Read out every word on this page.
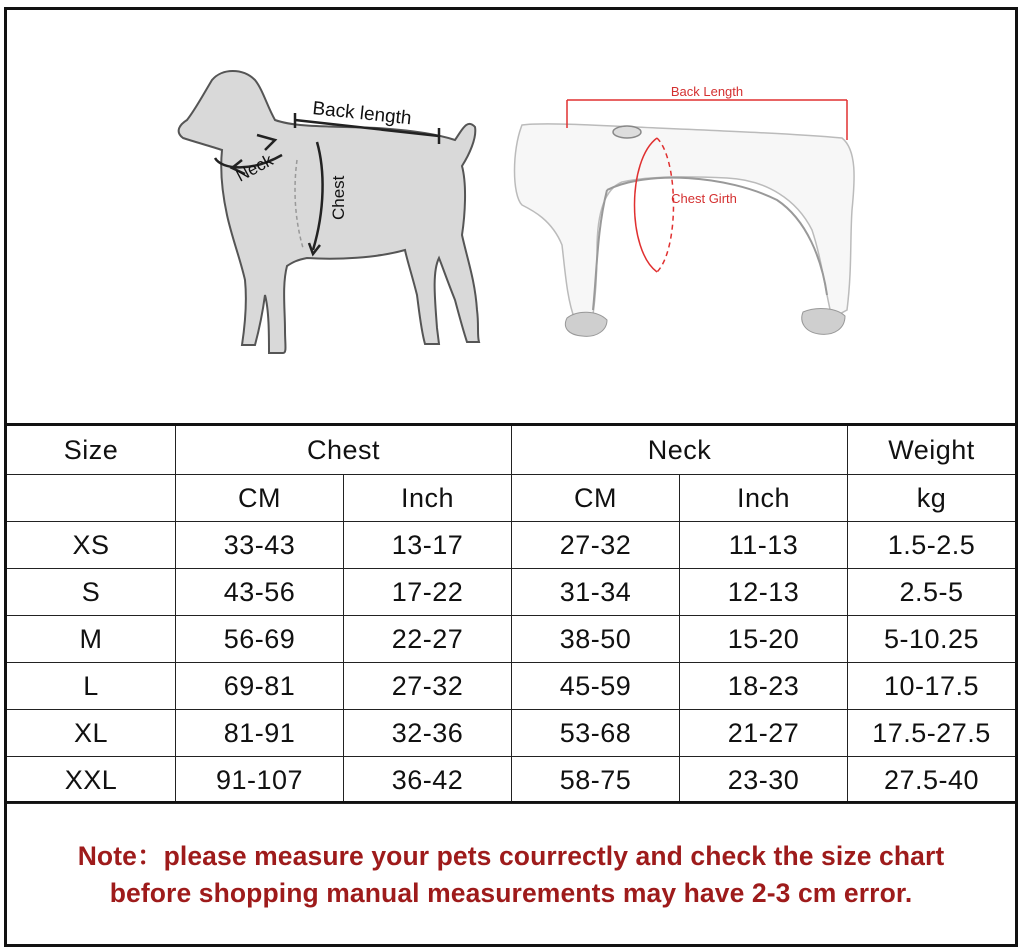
Back length
Neck
Chest
Back Length
Chest Girth
Size	Chest		Neck		Weight
	CM	Inch	CM	Inch	kg
XS	33-43	13-17	27-32	11-13	1.5-2.5
S	43-56	17-22	31-34	12-13	2.5-5
M	56-69	22-27	38-50	15-20	5-10.25
L	69-81	27-32	45-59	18-23	10-17.5
XL	81-91	32-36	53-68	21-27	17.5-27.5
XXL	91-107	36-42	58-75	23-30	27.5-40
Note：please measure your pets courrectly and check the size chart
before shopping manual measurements may have 2-3 cm error.
